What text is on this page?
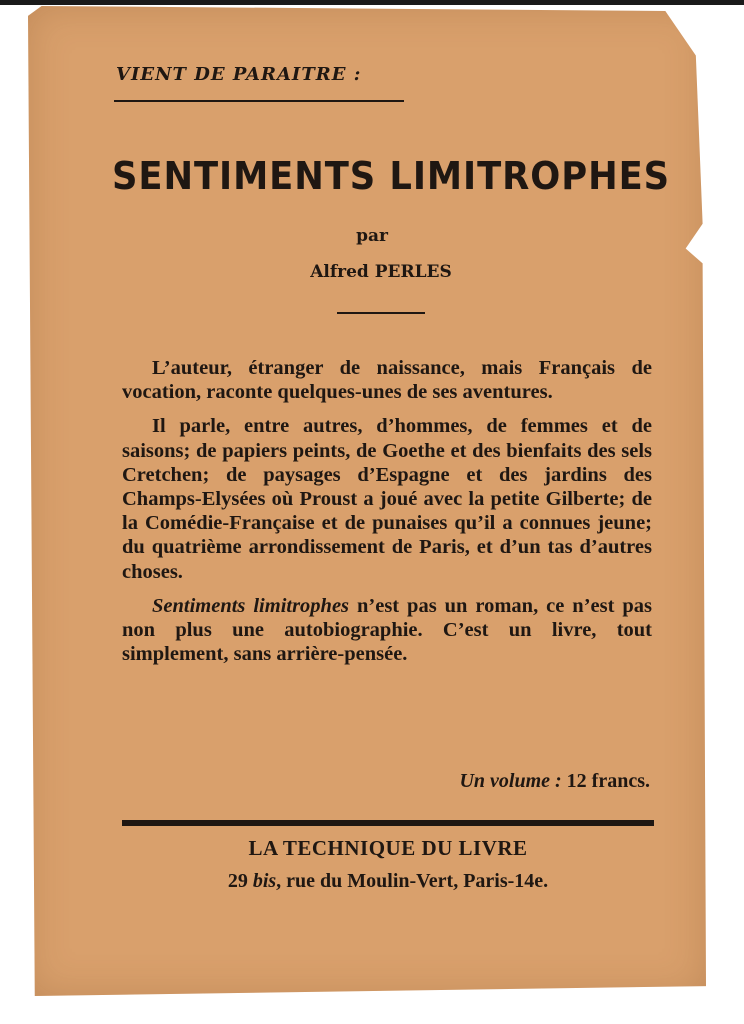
VIENT DE PARAITRE :
SENTIMENTS LIMITROPHES
par
Alfred PERLES

L’auteur, étranger de naissance, mais Français de vocation, raconte quelques-unes de ses aventures.

Il parle, entre autres, d’hommes, de femmes et de saisons; de papiers peints, de Goethe et des bienfaits des sels Cretchen; de paysages d’Espagne et des jardins des Champs-Elysées où Proust a joué avec la petite Gilberte; de la Comédie-Française et de punaises qu’il a connues jeune; du quatrième arrondissement de Paris, et d’un tas d’autres choses.

Sentiments limitrophes n’est pas un roman, ce n’est pas non plus une autobiographie. C’est un livre, tout simplement, sans arrière-pensée.

Un volume : 12 francs.
LA TECHNIQUE DU LIVRE
29 bis, rue du Moulin-Vert, Paris-14e.
